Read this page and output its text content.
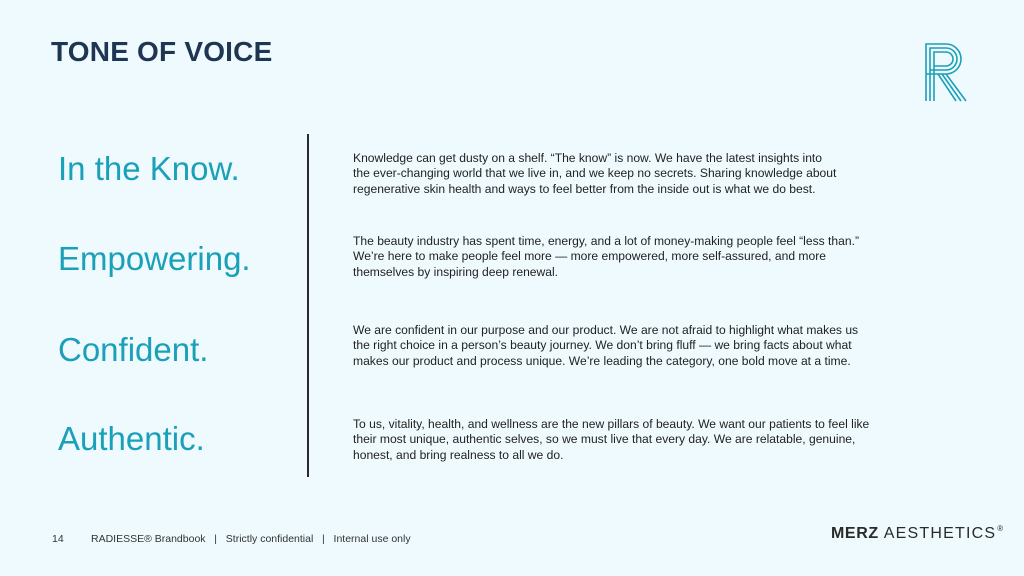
TONE OF VOICE
In the Know.
Empowering.
Confident.
Authentic.

Knowledge can get dusty on a shelf. “The know” is now. We have the latest insights into
the ever-changing world that we live in, and we keep no secrets. Sharing knowledge about
regenerative skin health and ways to feel better from the inside out is what we do best.

The beauty industry has spent time, energy, and a lot of money-making people feel “less than.”
We’re here to make people feel more — more empowered, more self-assured, and more
themselves by inspiring deep renewal.

We are confident in our purpose and our product. We are not afraid to highlight what makes us
the right choice in a person’s beauty journey. We don’t bring fluff — we bring facts about what
makes our product and process unique. We’re leading the category, one bold move at a time.

To us, vitality, health, and wellness are the new pillars of beauty. We want our patients to feel like
their most unique, authentic selves, so we must live that every day. We are relatable, genuine,
honest, and bring realness to all we do.

14	RADIESSE® Brandbook   |   Strictly confidential   |   Internal use only	MERZ AESTHETICS®
